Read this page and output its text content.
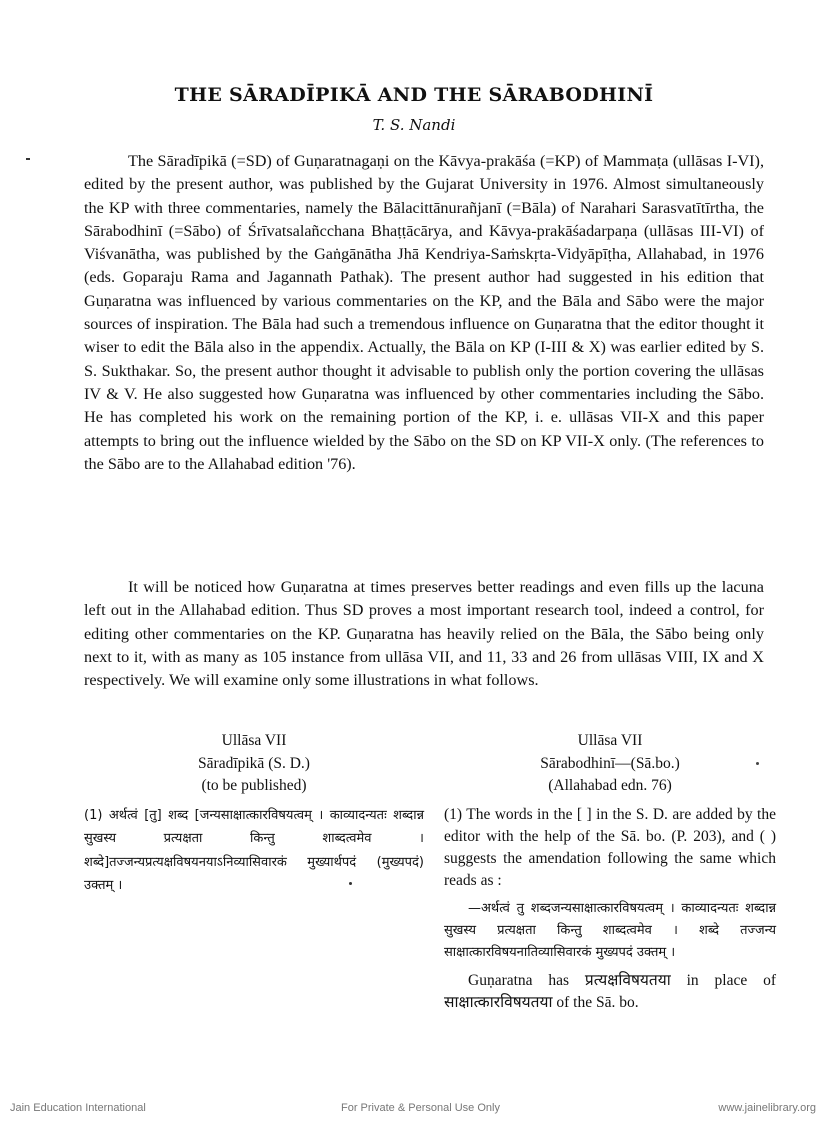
THE SĀRADĪPIKĀ AND THE SĀRABODHINĪ
T. S. Nandi

The Sāradīpikā (=SD) of Guṇaratnagaṇi on the Kāvya-prakāśa (=KP) of Mammaṭa (ullāsas I-VI), edited by the present author, was published by the Gujarat University in 1976. Almost simultaneously the KP with three commentaries, namely the Bālacittānurañjanī (=Bāla) of Narahari Sarasvatītīrtha, the Sārabodhinī (=Sābo) of Śrīvatsalañcchana Bhaṭṭācārya, and Kāvya-prakāśadarpaṇa (ullāsas III-VI) of Viśvanātha, was published by the Gaṅgānātha Jhā Kendriya-Saṁskṛta-Vidyāpīṭha, Allahabad, in 1976 (eds. Goparaju Rama and Jagannath Pathak). The present author had suggested in his edition that Guṇaratna was influenced by various commentaries on the KP, and the Bāla and Sābo were the major sources of inspiration. The Bāla had such a tremendous influence on Guṇaratna that the editor thought it wiser to edit the Bāla also in the appendix. Actually, the Bāla on KP (I-III & X) was earlier edited by S. S. Sukthakar. So, the present author thought it advisable to publish only the portion covering the ullāsas IV & V. He also suggested how Guṇaratna was influenced by other commentaries including the Sābo. He has completed his work on the remaining portion of the KP, i. e. ullāsas VII-X and this paper attempts to bring out the influence wielded by the Sābo on the SD on KP VII-X only. (The references to the Sābo are to the Allahabad edition '76).

It will be noticed how Guṇaratna at times preserves better readings and even fills up the lacuna left out in the Allahabad edition. Thus SD proves a most important research tool, indeed a control, for editing other commentaries on the KP. Guṇaratna has heavily relied on the Bāla, the Sābo being only next to it, with as many as 105 instance from ullāsa VII, and 11, 33 and 26 from ullāsas VIII, IX and X respectively. We will examine only some illustrations in what follows.

Ullāsa VII
Sāradīpikā (S. D.)
(to be published)

(1) अर्थत्वं [तु] शब्द [जन्यसाक्षात्कारविषयत्वम् । काव्यादन्यतः शब्दान्न सुखस्य प्रत्यक्षता किन्तु शाब्दत्वमेव । शब्दे]तज्जन्यप्रत्यक्षविषयनयाऽनिव्यासिवारकं मुख्यार्थपदं (मुख्यपदं) उक्तम् ।

Ullāsa VII
Sārabodhinī—(Sā.bo.)
(Allahabad edn. 76)

(1) The words in the [ ] in the S. D. are added by the editor with the help of the Sā. bo. (P. 203), and ( ) suggests the amendation following the same which reads as :

—अर्थत्वं तु शब्दजन्यसाक्षात्कारविषयत्वम् । काव्यादन्यतः शब्दान्न सुखस्य प्रत्यक्षता किन्तु शाब्दत्वमेव । शब्दे तज्जन्य साक्षात्कारविषयनातिव्यासिवारकं मुख्यपदं उक्तम् ।

Guṇaratna has प्रत्यक्षविषयतया in place of साक्षात्कारविषयतया of the Sā. bo.

Jain Education International	For Private & Personal Use Only	www.jainelibrary.org
